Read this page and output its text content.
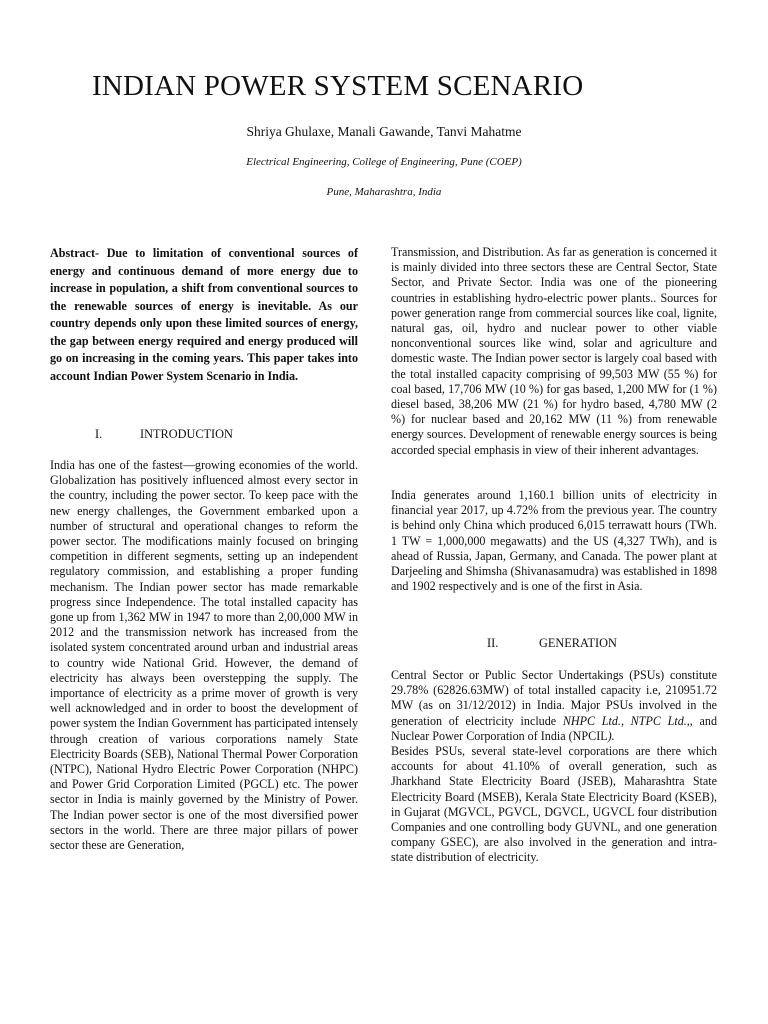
INDIAN POWER SYSTEM SCENARIO
Shriya Ghulaxe, Manali Gawande, Tanvi Mahatme
Electrical Engineering, College of Engineering, Pune (COEP)
Pune, Maharashtra, India
Abstract- Due to limitation of conventional sources of energy and continuous demand of more energy due to increase in population, a shift from conventional sources to the renewable sources of energy is inevitable. As our country depends only upon these limited sources of energy, the gap between energy required and energy produced will go on increasing in the coming years. This paper takes into account Indian Power System Scenario in India.
I.	INTRODUCTION
India has one of the fastest—growing economies of the world. Globalization has positively influenced almost every sector in the country, including the power sector. To keep pace with the new energy challenges, the Government embarked upon a number of structural and operational changes to reform the power sector. The modifications mainly focused on bringing competition in different segments, setting up an independent regulatory commission, and establishing a proper funding mechanism. The Indian power sector has made remarkable progress since Independence. The total installed capacity has gone up from 1,362 MW in 1947 to more than 2,00,000 MW in 2012 and the transmission network has increased from the isolated system concentrated around urban and industrial areas to country wide National Grid. However, the demand of electricity has always been overstepping the supply. The importance of electricity as a prime mover of growth is very well acknowledged and in order to boost the development of power system the Indian Government has participated intensely through creation of various corporations namely State Electricity Boards (SEB), National Thermal Power Corporation (NTPC), National Hydro Electric Power Corporation (NHPC) and Power Grid Corporation Limited (PGCL) etc. The power sector in India is mainly governed by the Ministry of Power. The Indian power sector is one of the most diversified power sectors in the world. There are three major pillars of power sector these are Generation,
Transmission, and Distribution. As far as generation is concerned it is mainly divided into three sectors these are Central Sector, State Sector, and Private Sector. India was one of the pioneering countries in establishing hydro-electric power plants.. Sources for power generation range from commercial sources like coal, lignite, natural gas, oil, hydro and nuclear power to other viable nonconventional sources like wind, solar and agriculture and domestic waste. The Indian power sector is largely coal based with the total installed capacity comprising of 99,503 MW (55 %) for coal based, 17,706 MW (10 %) for gas based, 1,200 MW for (1 %) diesel based, 38,206 MW (21 %) for hydro based, 4,780 MW (2 %) for nuclear based and 20,162 MW (11 %) from renewable energy sources. Development of renewable energy sources is being accorded special emphasis in view of their inherent advantages.
India generates around 1,160.1 billion units of electricity in financial year 2017, up 4.72% from the previous year. The country is behind only China which produced 6,015 terrawatt hours (TWh. 1 TW = 1,000,000 megawatts) and the US (4,327 TWh), and is ahead of Russia, Japan, Germany, and Canada. The power plant at Darjeeling and Shimsha (Shivanasamudra) was established in 1898 and 1902 respectively and is one of the first in Asia.
II.	GENERATION

Central Sector or Public Sector Undertakings (PSUs) constitute 29.78% (62826.63MW) of total installed capacity i.e, 210951.72 MW (as on 31/12/2012) in India. Major PSUs involved in the generation of electricity include NHPC Ltd., NTPC Ltd.,, and Nuclear Power Corporation of India (NPCIL).

Besides PSUs, several state-level corporations are there which accounts for about 41.10% of overall generation, such as Jharkhand State Electricity Board (JSEB), Maharashtra State Electricity Board (MSEB), Kerala State Electricity Board (KSEB), in Gujarat (MGVCL, PGVCL, DGVCL, UGVCL four distribution Companies and one controlling body GUVNL, and one generation company GSEC), are also involved in the generation and intra-state distribution of electricity.
